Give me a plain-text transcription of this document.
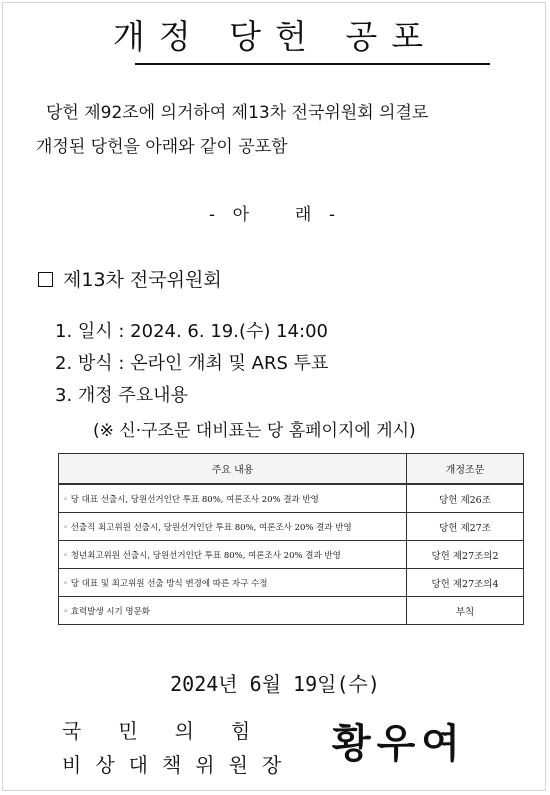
개정 당헌 공포
당헌 제92조에 의거하여 제13차 전국위원회 의결로
개정된 당헌을 아래와 같이 공포함
- 아 래 -
제13차 전국위원회
1. 일시 : 2024. 6. 19.(수) 14:00
2. 방식 : 온라인 개최 및 ARS 투표
3. 개정 주요내용
(※ 신·구조문 대비표는 당 홈페이지에 게시)
주요 내용	개정조문
◦ 당 대표 선출시, 당원선거인단 투표 80%, 여론조사 20% 결과 반영	당헌 제26조
◦ 선출직 최고위원 선출시, 당원선거인단 투표 80%, 여론조사 20% 결과 반영	당헌 제27조
◦ 청년최고위원 선출시, 당원선거인단 투표 80%, 여론조사 20% 결과 반영	당헌 제27조의2
◦ 당 대표 및 최고위원 선출 방식 변경에 따른 자구 수정	당헌 제27조의4
◦ 효력발생 시기 명문화	부칙
2024년 6월 19일(수)
국민의힘
비상대책위원장 황우여
